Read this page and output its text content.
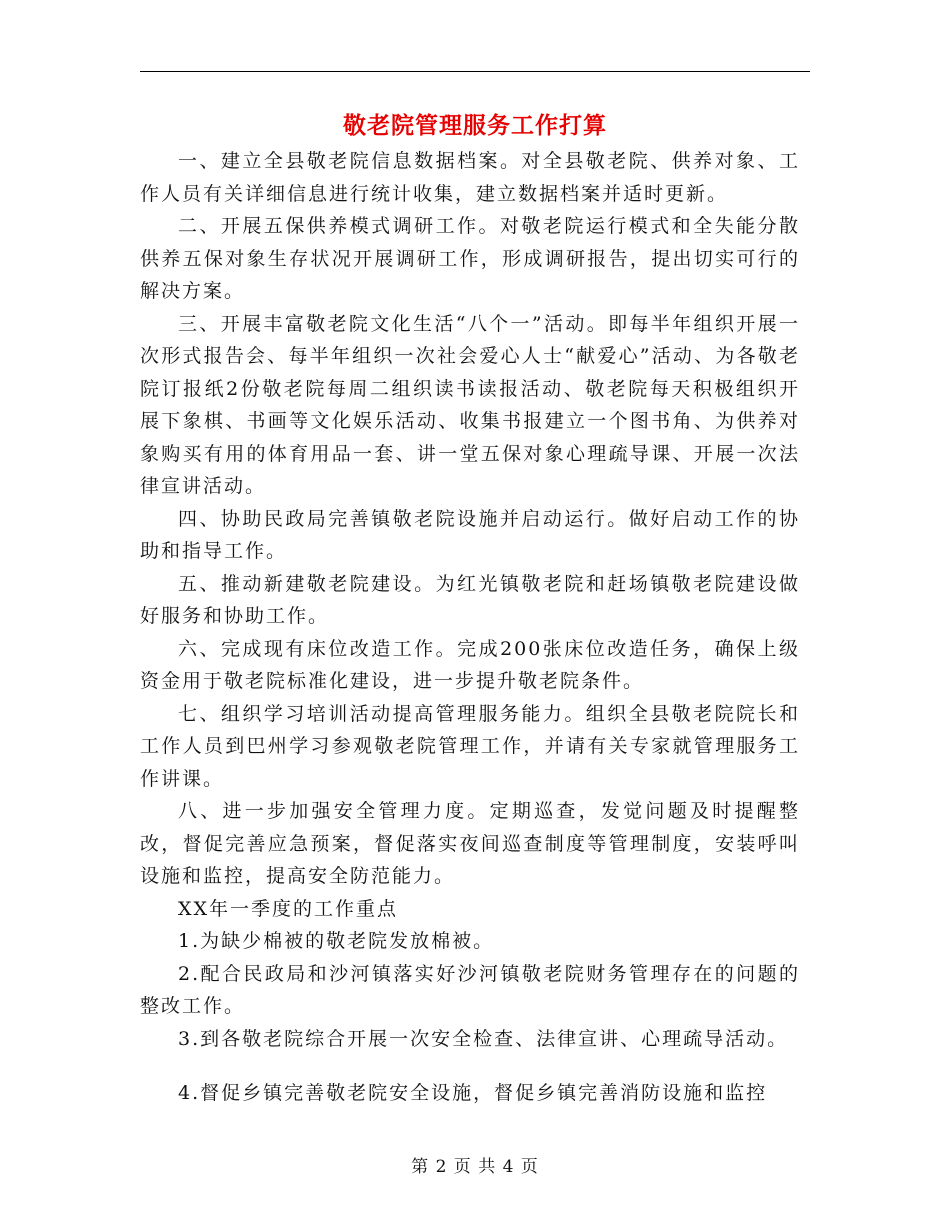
敬老院管理服务工作打算

一、建立全县敬老院信息数据档案。对全县敬老院、供养对象、工作人员有关详细信息进行统计收集，建立数据档案并适时更新。

二、开展五保供养模式调研工作。对敬老院运行模式和全失能分散供养五保对象生存状况开展调研工作，形成调研报告，提出切实可行的解决方案。

三、开展丰富敬老院文化生活“八个一”活动。即每半年组织开展一次形式报告会、每半年组织一次社会爱心人士“献爱心”活动、为各敬老院订报纸2份敬老院每周二组织读书读报活动、敬老院每天积极组织开展下象棋、书画等文化娱乐活动、收集书报建立一个图书角、为供养对象购买有用的体育用品一套、讲一堂五保对象心理疏导课、开展一次法律宣讲活动。

四、协助民政局完善镇敬老院设施并启动运行。做好启动工作的协助和指导工作。

五、推动新建敬老院建设。为红光镇敬老院和赶场镇敬老院建设做好服务和协助工作。

六、完成现有床位改造工作。完成200张床位改造任务，确保上级资金用于敬老院标准化建设，进一步提升敬老院条件。

七、组织学习培训活动提高管理服务能力。组织全县敬老院院长和工作人员到巴州学习参观敬老院管理工作，并请有关专家就管理服务工作讲课。

八、进一步加强安全管理力度。定期巡查，发觉问题及时提醒整改，督促完善应急预案，督促落实夜间巡查制度等管理制度，安装呼叫设施和监控，提高安全防范能力。

XX年一季度的工作重点

1.为缺少棉被的敬老院发放棉被。

2.配合民政局和沙河镇落实好沙河镇敬老院财务管理存在的问题的整改工作。

3.到各敬老院综合开展一次安全检查、法律宣讲、心理疏导活动。

4.督促乡镇完善敬老院安全设施，督促乡镇完善消防设施和监控

第 2 页 共 4 页
